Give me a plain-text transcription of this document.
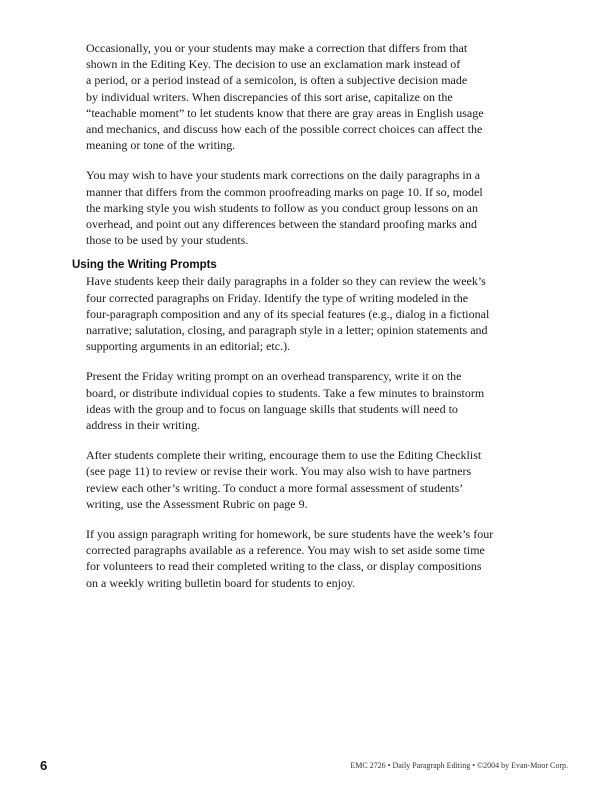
Occasionally, you or your students may make a correction that differs from that
shown in the Editing Key. The decision to use an exclamation mark instead of
a period, or a period instead of a semicolon, is often a subjective decision made
by individual writers. When discrepancies of this sort arise, capitalize on the
“teachable moment” to let students know that there are gray areas in English usage
and mechanics, and discuss how each of the possible correct choices can affect the
meaning or tone of the writing.

You may wish to have your students mark corrections on the daily paragraphs in a
manner that differs from the common proofreading marks on page 10. If so, model
the marking style you wish students to follow as you conduct group lessons on an
overhead, and point out any differences between the standard proofing marks and
those to be used by your students.

Using the Writing Prompts

Have students keep their daily paragraphs in a folder so they can review the week’s
four corrected paragraphs on Friday. Identify the type of writing modeled in the
four-paragraph composition and any of its special features (e.g., dialog in a fictional
narrative; salutation, closing, and paragraph style in a letter; opinion statements and
supporting arguments in an editorial; etc.).

Present the Friday writing prompt on an overhead transparency, write it on the
board, or distribute individual copies to students. Take a few minutes to brainstorm
ideas with the group and to focus on language skills that students will need to
address in their writing.

After students complete their writing, encourage them to use the Editing Checklist
(see page 11) to review or revise their work. You may also wish to have partners
review each other’s writing. To conduct a more formal assessment of students’
writing, use the Assessment Rubric on page 9.

If you assign paragraph writing for homework, be sure students have the week’s four
corrected paragraphs available as a reference. You may wish to set aside some time
for volunteers to read their completed writing to the class, or display compositions
on a weekly writing bulletin board for students to enjoy.

6	EMC 2726 • Daily Paragraph Editing • ©2004 by Evan-Moor Corp.
